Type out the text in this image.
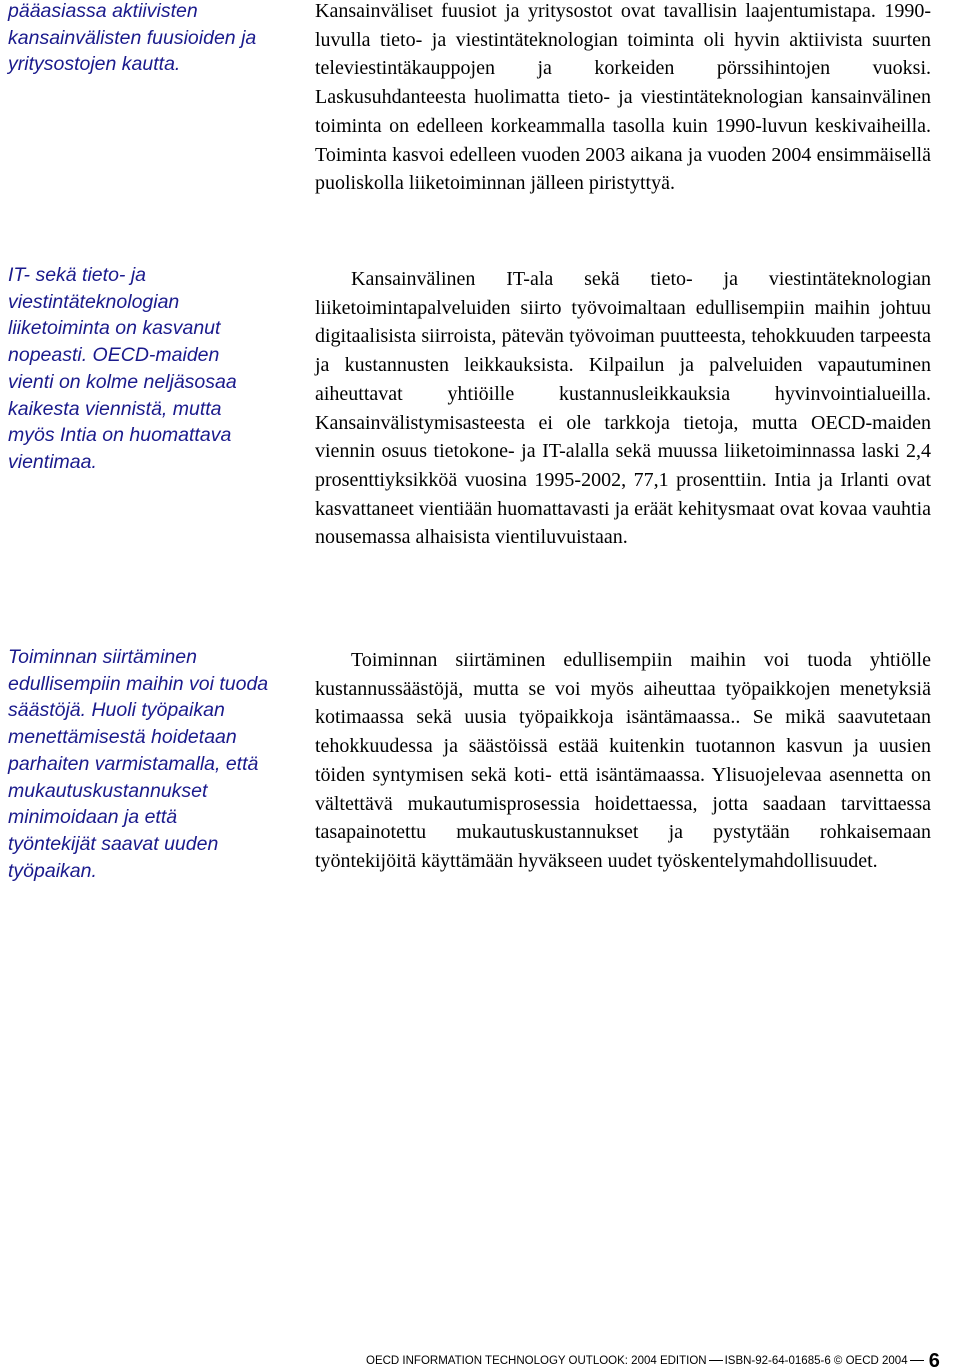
pääasiassa aktiivisten kansainvälisten fuusioiden ja yritysostojen kautta.

Kansainväliset fuusiot ja yritysostot ovat tavallisin laajentumistapa. 1990-luvulla tieto- ja viestintäteknologian toiminta oli hyvin aktiivista suurten televiestintäkauppojen ja korkeiden pörssihintojen vuoksi. Laskusuhdanteesta huolimatta tieto- ja viestintäteknologian kansainvälinen toiminta on edelleen korkeammalla tasolla kuin 1990-luvun keskivaiheilla. Toiminta kasvoi edelleen vuoden 2003 aikana ja vuoden 2004 ensimmäisellä puoliskolla liiketoiminnan jälleen piristyttyä.

IT- sekä tieto- ja viestintäteknologian liiketoiminta on kasvanut nopeasti. OECD-maiden vienti on kolme neljäsosaa kaikesta viennistä, mutta myös Intia on huomattava vientimaa.

Kansainvälinen IT-ala sekä tieto- ja viestintäteknologian liiketoimintapalveluiden siirto työvoimaltaan edullisempiin maihin johtuu digitaalisista siirroista, pätevän työvoiman puutteesta, tehokkuuden tarpeesta ja kustannusten leikkauksista. Kilpailun ja palveluiden vapautuminen aiheuttavat yhtiöille kustannusleikkauksia hyvinvointialueilla. Kansainvälistymisasteesta ei ole tarkkoja tietoja, mutta OECD-maiden viennin osuus tietokone- ja IT-alalla sekä muussa liiketoiminnassa laski 2,4 prosenttiyksikköä vuosina 1995-2002, 77,1 prosenttiin. Intia ja Irlanti ovat kasvattaneet vientiään huomattavasti ja eräät kehitysmaat ovat kovaa vauhtia nousemassa alhaisista vientiluvuistaan.

Toiminnan siirtäminen edullisempiin maihin voi tuoda säästöjä. Huoli työpaikan menettämisestä hoidetaan parhaiten varmistamalla, että mukautuskustannukset minimoidaan ja että työntekijät saavat uuden työpaikan.

Toiminnan siirtäminen edullisempiin maihin voi tuoda yhtiölle kustannussäästöjä, mutta se voi myös aiheuttaa työpaikkojen menetyksiä kotimaassa sekä uusia työpaikkoja isäntämaassa.. Se mikä saavutetaan tehokkuudessa ja säästöissä estää kuitenkin tuotannon kasvun ja uusien töiden syntymisen sekä koti- että isäntämaassa. Ylisuojelevaa asennetta on vältettävä mukautumisprosessia hoidettaessa, jotta saadaan tarvittaessa tasapainotettu mukautuskustannukset ja pystytään rohkaisemaan työntekijöitä käyttämään hyväkseen uudet työskentelymahdollisuudet.

OECD INFORMATION TECHNOLOGY OUTLOOK: 2004 EDITION ISBN-92-64-01685-6 © OECD 2004 6
